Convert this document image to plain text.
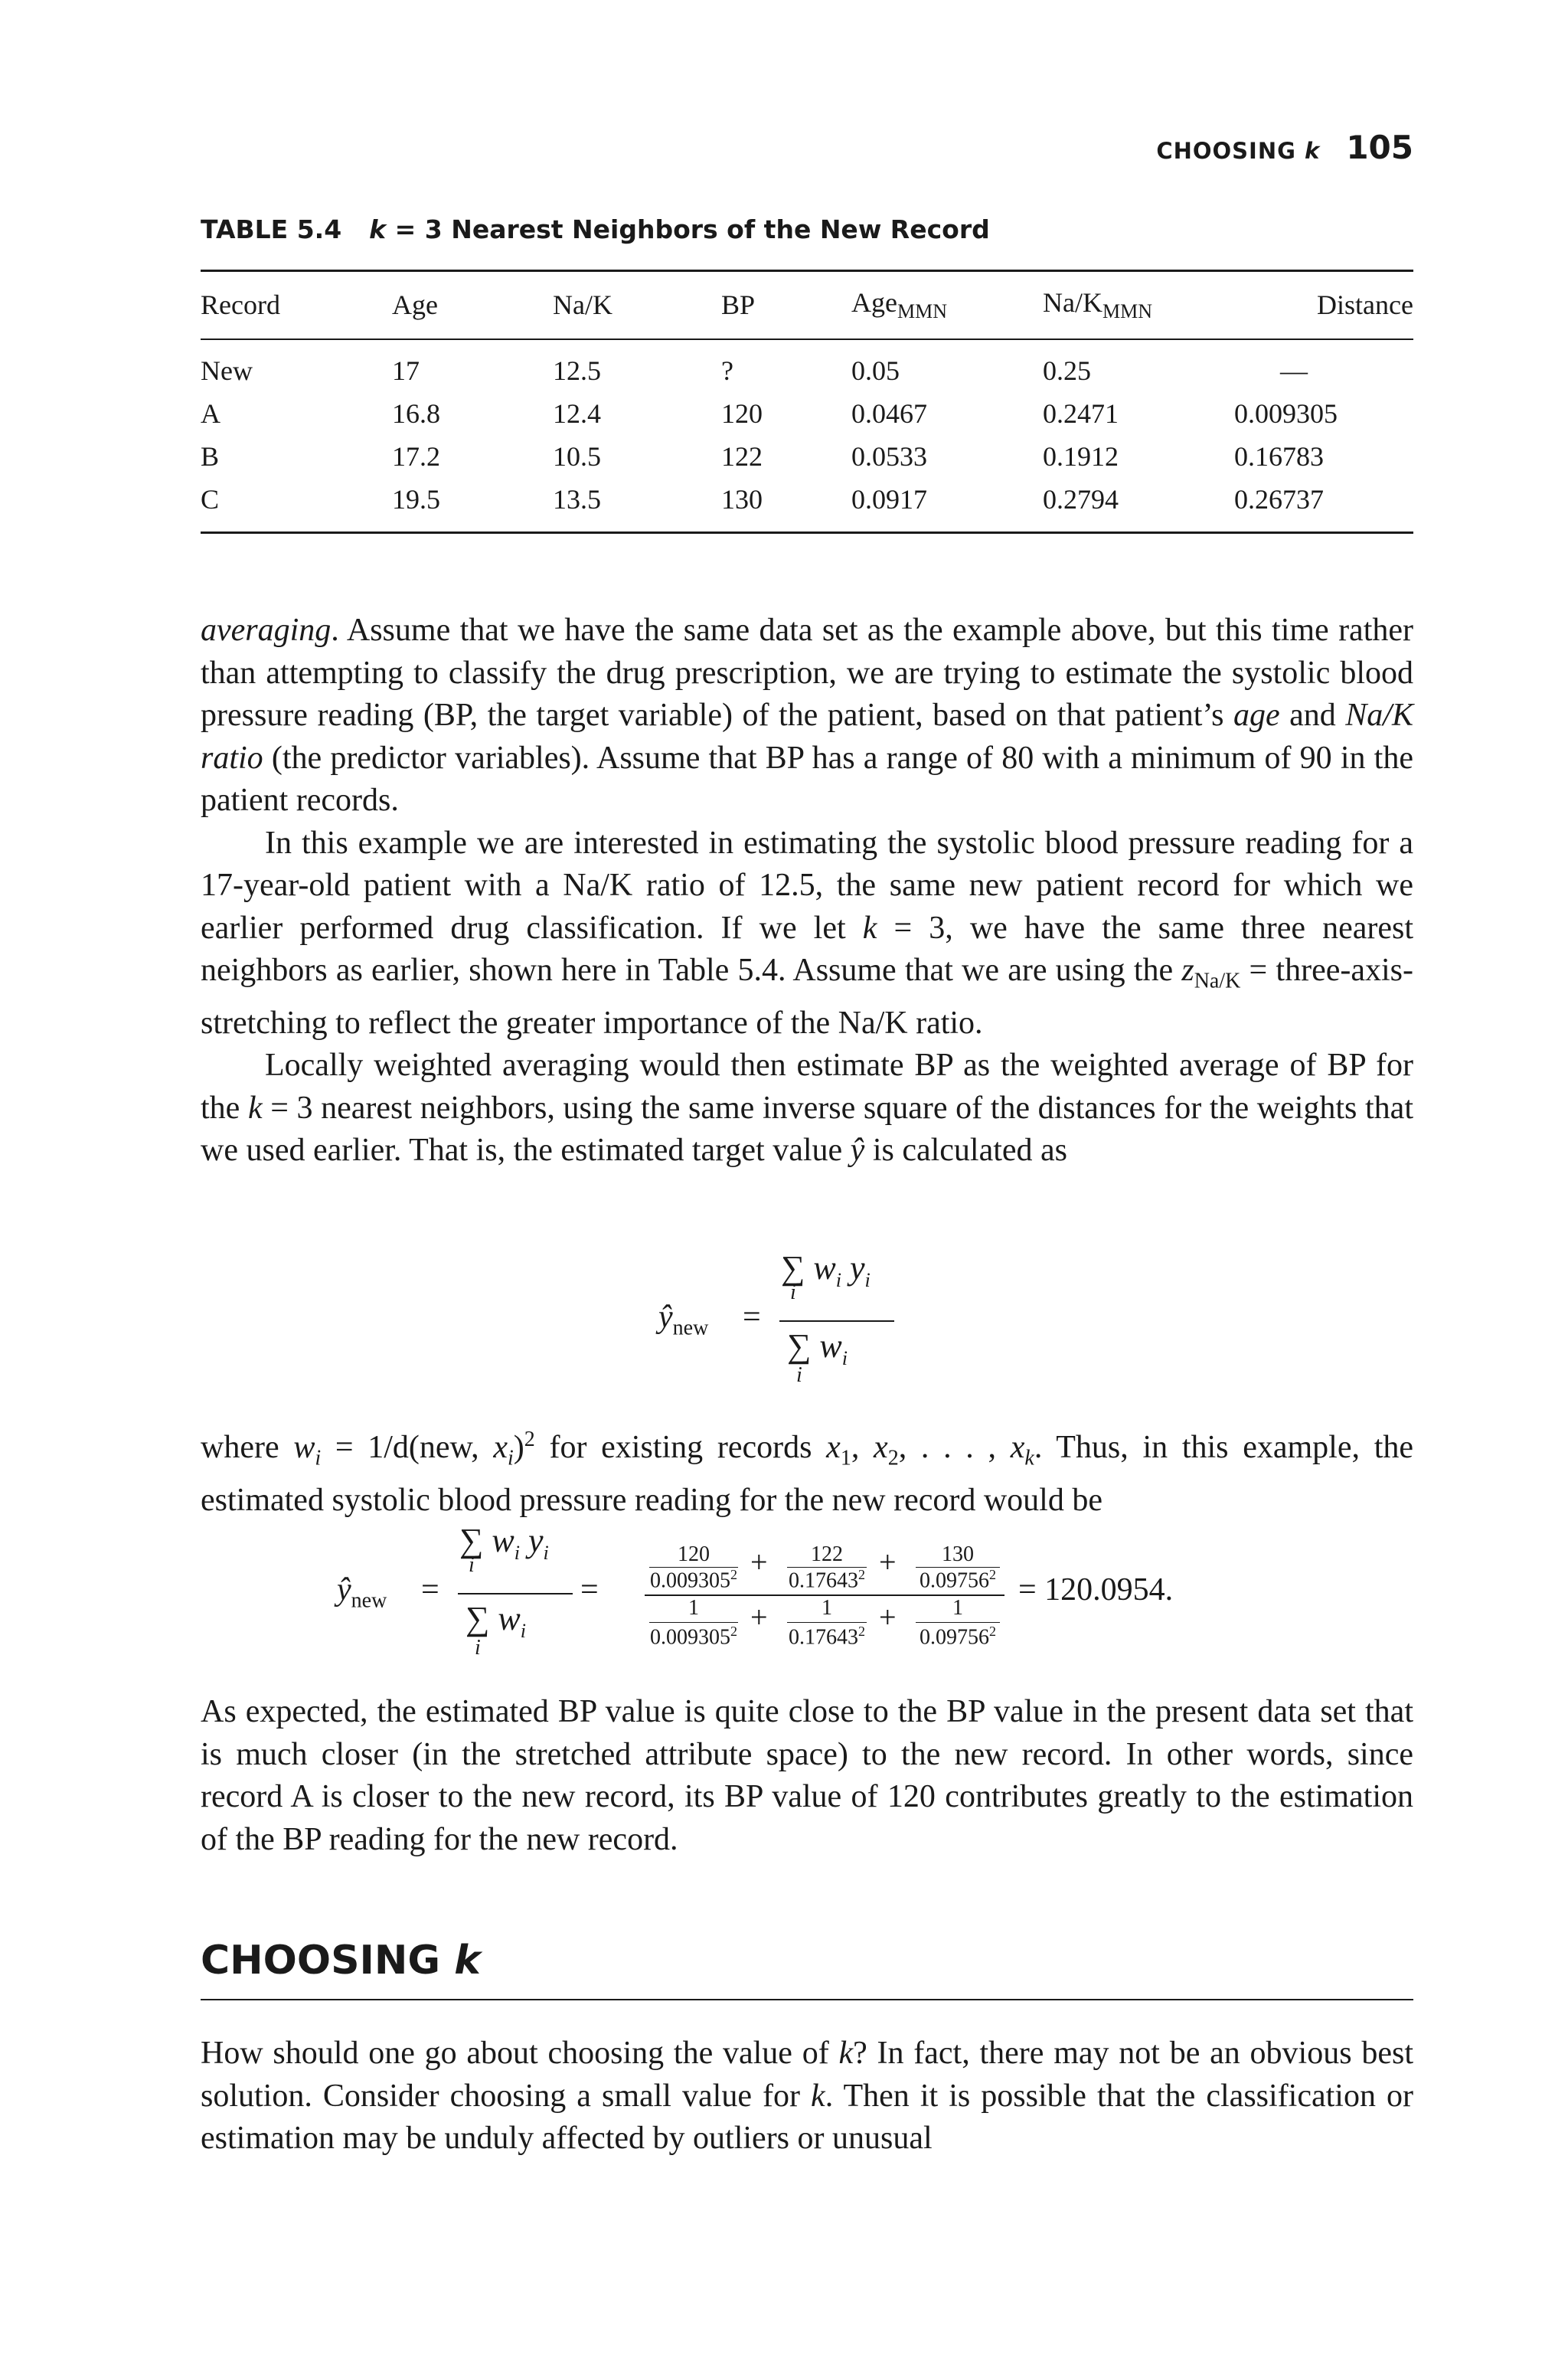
CHOOSING k 105
TABLE 5.4 k = 3 Nearest Neighbors of the New Record
Record	Age	Na/K	BP	Age$_{MMN}$	$Na/K_{MMN}$	Distance

New	17	12.5	?	0.05	0.25	—
A	16.8	12.4	120	0.0467	0.2471	0.009305
B	17.2	10.5	122	0.0533	0.1912	0.16783
C	19.5	13.5	130	0.0917	0.2794	0.26737

averaging. Assume that we have the same data set as the example above, but this time rather than attempting to classify the drug prescription, we are trying to estimate the systolic blood pressure reading (BP, the target variable) of the patient, based on that patient’s age and Na/K ratio (the predictor variables). Assume that BP has a range of 80 with a minimum of 90 in the patient records.

In this example we are interested in estimating the systolic blood pressure reading for a 17-year-old patient with a Na/K ratio of 12.5, the same new patient record for which we earlier performed drug classification. If we let k = 3, we have the same three nearest neighbors as earlier, shown here in Table 5.4. Assume that we are using the $z_{Na/K}$ = three-axis-stretching to reflect the greater importance of the Na/K ratio.

Locally weighted averaging would then estimate BP as the weighted average of BP for the k = 3 nearest neighbors, using the same inverse square of the distances for the weights that we used earlier. That is, the estimated target value ŷ is calculated as

$ŷ_{new}$ =
∑ $w_i$ $y_i$
i
∑ $w_i$
i

where $w_i = 1/d(new$, $x_i)^2$ for existing records $x_1$, $x_2$, . . . , $x_k$. Thus, in this example, the estimated systolic blood pressure reading for the new record would be

$ŷ_{new}$ =
∑ $w_i$ $y_i$
i
∑ $w_i$
i
=
120
$0.009305^2$ +	122
$0.17643^2$ +	130
0.09756$^2$
1
$0.009305^2$ +	1
$0.17643^2$ +	1
$0.09756^2$
= 120.0954.

As expected, the estimated BP value is quite close to the BP value in the present data set that is much closer (in the stretched attribute space) to the new record. In other words, since record A is closer to the new record, its BP value of 120 contributes greatly to the estimation of the BP reading for the new record.

CHOOSING k

How should one go about choosing the value of k? In fact, there may not be an obvious best solution. Consider choosing a small value for k. Then it is possible that the classification or estimation may be unduly affected by outliers or unusual
